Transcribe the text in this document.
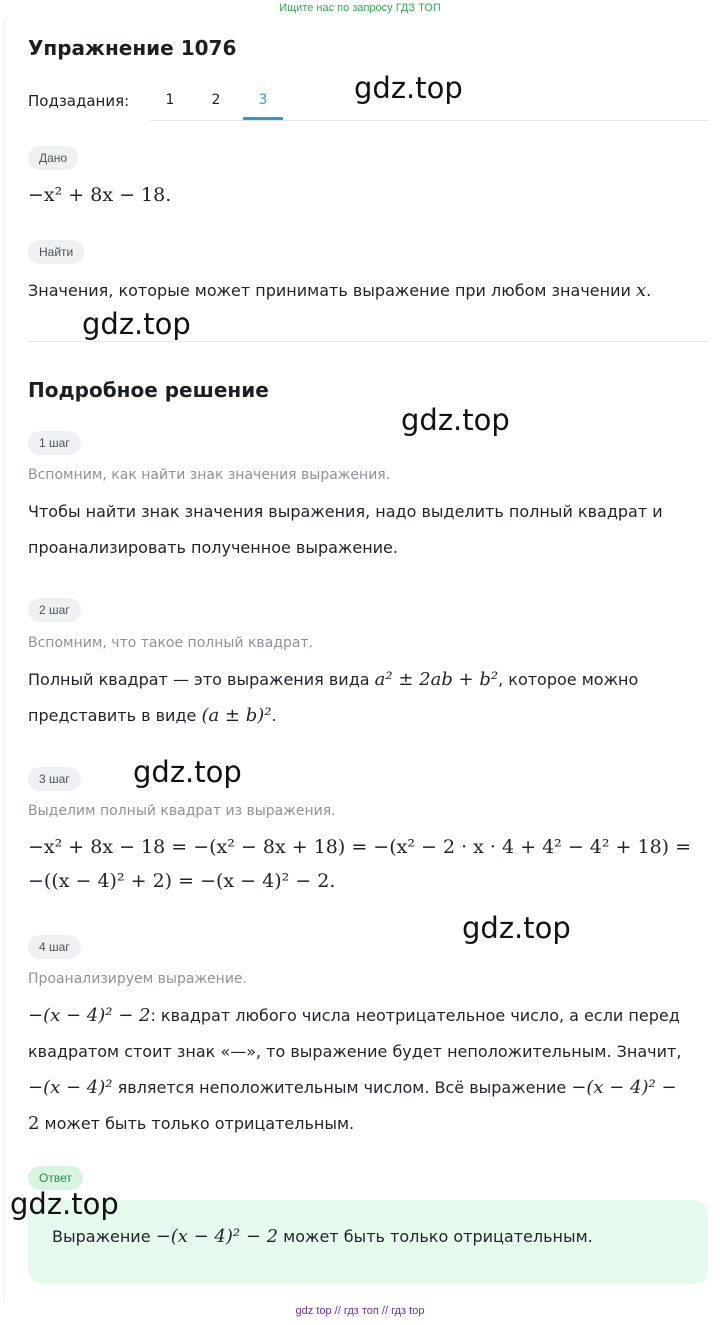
Ищите нас по запросу ГДЗ ТОП
Упражнение 1076
Подзадания:	1	2	3
Дано
−x² + 8x − 18.
Найти
Значения, которые может принимать выражение при любом значении x.
Подробное решение
1 шаг
Вспомним, как найти знак значения выражения.
Чтобы найти знак значения выражения, надо выделить полный квадрат и
проанализировать полученное выражение.
2 шаг
Вспомним, что такое полный квадрат.
Полный квадрат — это выражения вида a² ± 2ab + b², которое можно
представить в виде (a ± b)².
3 шаг
Выделим полный квадрат из выражения.
−x² + 8x − 18 = −(x² − 8x + 18) = −(x² − 2 · x · 4 + 4² − 4² + 18) =
−((x − 4)² + 2) = −(x − 4)² − 2.
4 шаг
Проанализируем выражение.
−(x − 4)² − 2: квадрат любого числа неотрицательное число, а если перед
квадратом стоит знак «—», то выражение будет неположительным. Значит,
−(x − 4)² является неположительным числом. Всё выражение −(x − 4)² −
2 может быть только отрицательным.
Ответ
Выражение −(x − 4)² − 2 может быть только отрицательным.
gdz.top
gdz.top
gdz.top
gdz.top
gdz.top
gdz.top
gdz top // гдз топ // гдз top
